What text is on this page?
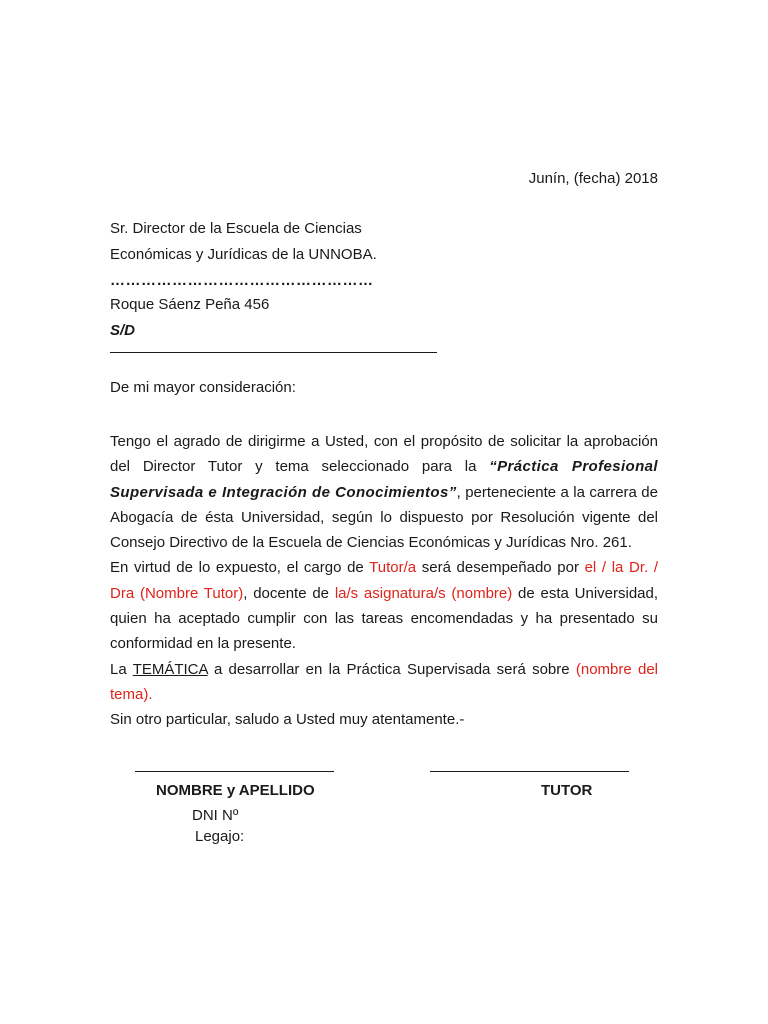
Junín, (fecha) 2018
Sr. Director de la Escuela de Ciencias
Económicas y Jurídicas de la UNNOBA.
……………………………………………
Roque Sáenz Peña 456
S/D
De mi mayor consideración:

Tengo el agrado de dirigirme a Usted, con el propósito de solicitar la aprobación del Director Tutor y tema seleccionado para la “Práctica Profesional Supervisada e Integración de Conocimientos”, perteneciente a la carrera de Abogacía de ésta Universidad, según lo dispuesto por Resolución vigente del Consejo Directivo de la Escuela de Ciencias Económicas y Jurídicas Nro. 261.

En virtud de lo expuesto, el cargo de Tutor/a será desempeñado por el / la Dr. / Dra (Nombre Tutor), docente de la/s asignatura/s (nombre) de esta Universidad, quien ha aceptado cumplir con las tareas encomendadas y ha presentado su conformidad en la presente.

La TEMÁTICA a desarrollar en la Práctica Supervisada será sobre (nombre del tema).

Sin otro particular, saludo a Usted muy atentamente.-

NOMBRE y APELLIDO	TUTOR
DNI Nº
Legajo:
